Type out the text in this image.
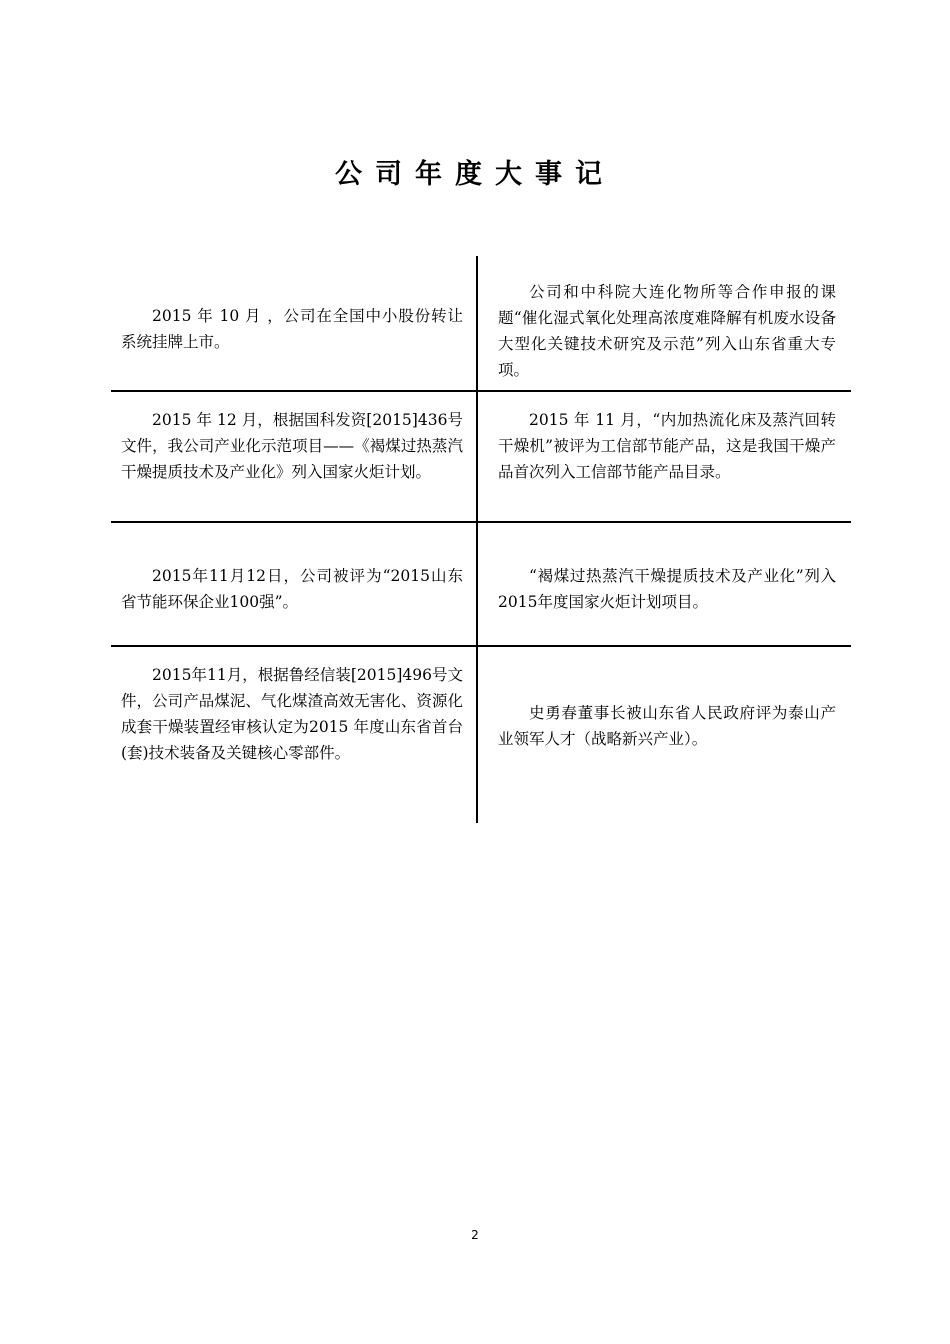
公司年度大事记
2015 年 10 月 ，公司在全国中小股份转让系统挂牌上市。
公司和中科院大连化物所等合作申报的课题“催化湿式氧化处理高浓度难降解有机废水设备大型化关键技术研究及示范”列入山东省重大专项。
2015 年 12 月，根据国科发资[2015]436号文件，我公司产业化示范项目——《褐煤过热蒸汽干燥提质技术及产业化》列入国家火炬计划。
2015 年 11 月，“内加热流化床及蒸汽回转干燥机”被评为工信部节能产品，这是我国干燥产品首次列入工信部节能产品目录。
2015年11月12日，公司被评为“2015山东省节能环保企业100强”。
“褐煤过热蒸汽干燥提质技术及产业化”列入2015年度国家火炬计划项目。
2015年11月，根据鲁经信装[2015]496号文件，公司产品煤泥、气化煤渣高效无害化、资源化成套干燥装置经审核认定为2015 年度山东省首台(套)技术装备及关键核心零部件。
史勇春董事长被山东省人民政府评为泰山产业领军人才（战略新兴产业）。
2
